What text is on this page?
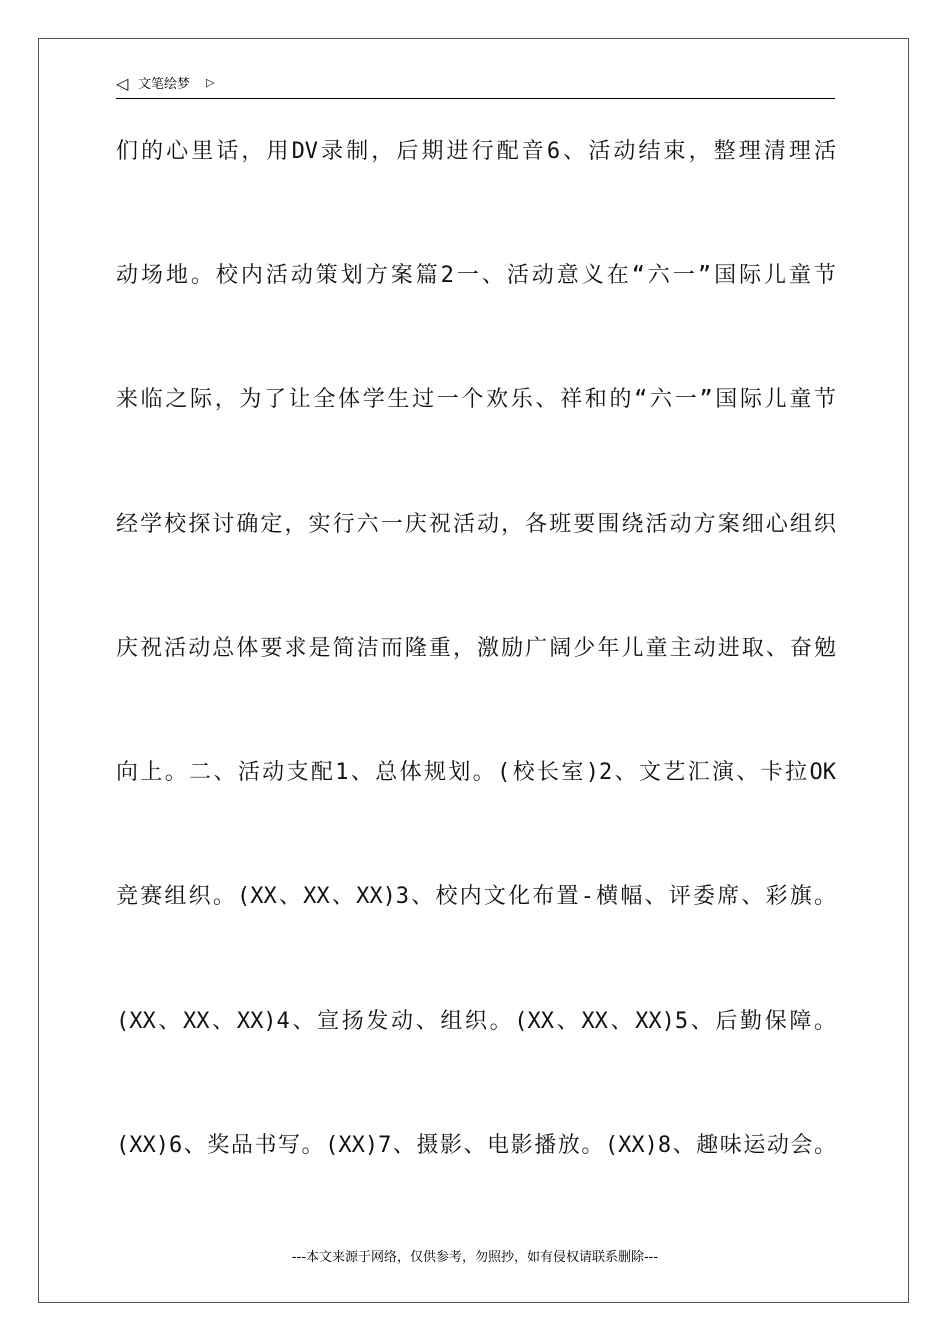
◁ 文笔绘梦 ▷
们的心里话，用DV录制，后期进行配音6、活动结束，整理清理活
动场地。校内活动策划方案篇2一、活动意义在“六一”国际儿童节
来临之际，为了让全体学生过一个欢乐、祥和的“六一”国际儿童节
经学校探讨确定，实行六一庆祝活动，各班要围绕活动方案细心组织
庆祝活动总体要求是简洁而隆重，激励广阔少年儿童主动进取、奋勉
向上。二、活动支配1、总体规划。(校长室)2、文艺汇演、卡拉OK
竞赛组织。(XX、XX、XX)3、校内文化布置-横幅、评委席、彩旗。
(XX、XX、XX)4、宣扬发动、组织。(XX、XX、XX)5、后勤保障。
(XX)6、奖品书写。(XX)7、摄影、电影播放。(XX)8、趣味运动会。
---本文来源于网络，仅供参考，勿照抄，如有侵权请联系删除---
